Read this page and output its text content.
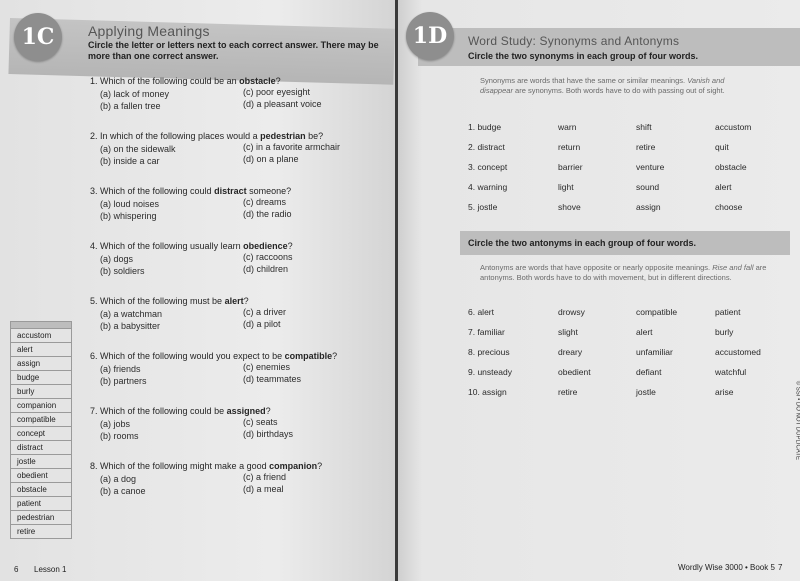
1C	Applying Meanings
Circle the letter or letters next to each correct answer. There may be more than one correct answer.
1. Which of the following could be an obstacle?
(a) lack of money
(b) a fallen tree
(c) poor eyesight
(d) a pleasant voice
2. In which of the following places would a pedestrian be?
(a) on the sidewalk
(b) inside a car
(c) in a favorite armchair
(d) on a plane
3. Which of the following could distract someone?
(a) loud noises
(b) whispering
(c) dreams
(d) the radio
4. Which of the following usually learn obedience?
(a) dogs
(b) soldiers
(c) raccoons
(d) children
5. Which of the following must be alert?
(a) a watchman
(b) a babysitter
(c) a driver
(d) a pilot
6. Which of the following would you expect to be compatible?
(a) friends
(b) partners
(c) enemies
(d) teammates
7. Which of the following could be assigned?
(a) jobs
(b) rooms
(c) seats
(d) birthdays
8. Which of the following might make a good companion?
(a) a dog
(b) a canoe
(c) a friend
(d) a meal
accustom
alert
assign
budge
burly
companion
compatible
concept
distract
jostle
obedient
obstacle
patient
pedestrian
retire
6 Lesson 1
1D	Word Study: Synonyms and Antonyms
Circle the two synonyms in each group of four words.
Synonyms are words that have the same or similar meanings. Vanish and disappear are synonyms. Both words have to do with passing out of sight.
1. budge	warn	shift	accustom
2. distract	return	retire	quit
3. concept	barrier	venture	obstacle
4. warning	light	sound	alert
5. jostle	shove	assign	choose
Circle the two antonyms in each group of four words.
Antonyms are words that have opposite or nearly opposite meanings. Rise and fall are antonyms. Both words have to do with movement, but in different directions.
6. alert	drowsy	compatible	patient
7. familiar	slight	alert	burly
8. precious	dreary	unfamiliar	accustomed
9. unsteady	obedient	defiant	watchful
10. assign	retire	jostle	arise
Wordly Wise 3000 • Book 5 7
© SSI • DO NOT DUPLICATE
